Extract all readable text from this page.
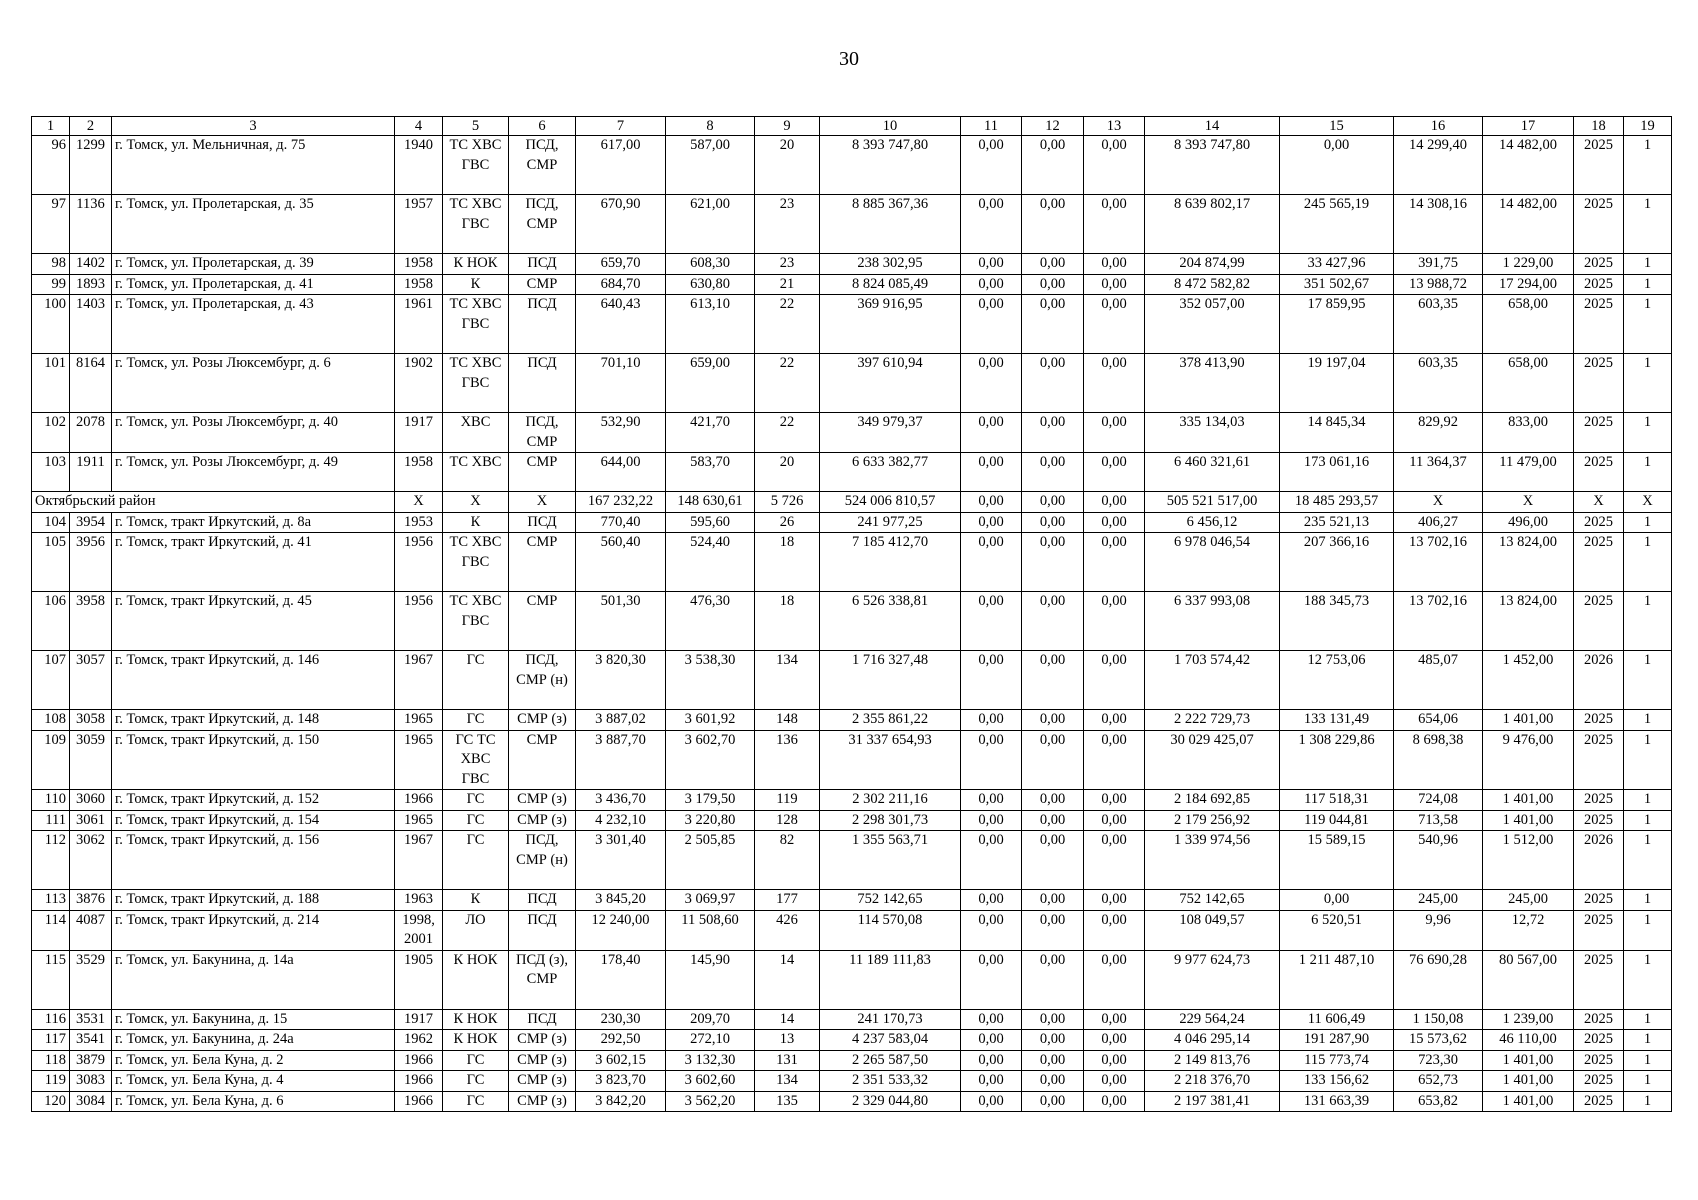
30
1	2	3	4	5	6	7	8	9	10	11	12	13	14	15	16	17	18	19
96	1299	г. Томск, ул. Мельничная, д. 75	1940	ТС ХВС ГВС	ПСД, СМР	617,00	587,00	20	8 393 747,80	0,00	0,00	0,00	8 393 747,80	0,00	14 299,40	14 482,00	2025	1
97	1136	г. Томск, ул. Пролетарская, д. 35	1957	ТС ХВС ГВС	ПСД, СМР	670,90	621,00	23	8 885 367,36	0,00	0,00	0,00	8 639 802,17	245 565,19	14 308,16	14 482,00	2025	1
98	1402	г. Томск, ул. Пролетарская, д. 39	1958	К НОК	ПСД	659,70	608,30	23	238 302,95	0,00	0,00	0,00	204 874,99	33 427,96	391,75	1 229,00	2025	1
99	1893	г. Томск, ул. Пролетарская, д. 41	1958	К	СМР	684,70	630,80	21	8 824 085,49	0,00	0,00	0,00	8 472 582,82	351 502,67	13 988,72	17 294,00	2025	1
100	1403	г. Томск, ул. Пролетарская, д. 43	1961	ТС ХВС ГВС	ПСД	640,43	613,10	22	369 916,95	0,00	0,00	0,00	352 057,00	17 859,95	603,35	658,00	2025	1
101	8164	г. Томск, ул. Розы Люксембург, д. 6	1902	ТС ХВС ГВС	ПСД	701,10	659,00	22	397 610,94	0,00	0,00	0,00	378 413,90	19 197,04	603,35	658,00	2025	1
102	2078	г. Томск, ул. Розы Люксембург, д. 40	1917	ХВС	ПСД, СМР	532,90	421,70	22	349 979,37	0,00	0,00	0,00	335 134,03	14 845,34	829,92	833,00	2025	1
103	1911	г. Томск, ул. Розы Люксембург, д. 49	1958	ТС ХВС	СМР	644,00	583,70	20	6 633 382,77	0,00	0,00	0,00	6 460 321,61	173 061,16	11 364,37	11 479,00	2025	1
Октябрьский район			X	X	X	167 232,22	148 630,61	5 726	524 006 810,57	0,00	0,00	0,00	505 521 517,00	18 485 293,57	X	X	X	X
104	3954	г. Томск, тракт Иркутский, д. 8а	1953	К	ПСД	770,40	595,60	26	241 977,25	0,00	0,00	0,00	6 456,12	235 521,13	406,27	496,00	2025	1
105	3956	г. Томск, тракт Иркутский, д. 41	1956	ТС ХВС ГВС	СМР	560,40	524,40	18	7 185 412,70	0,00	0,00	0,00	6 978 046,54	207 366,16	13 702,16	13 824,00	2025	1
106	3958	г. Томск, тракт Иркутский, д. 45	1956	ТС ХВС ГВС	СМР	501,30	476,30	18	6 526 338,81	0,00	0,00	0,00	6 337 993,08	188 345,73	13 702,16	13 824,00	2025	1
107	3057	г. Томск, тракт Иркутский, д. 146	1967	ГС	ПСД, СМР (н)	3 820,30	3 538,30	134	1 716 327,48	0,00	0,00	0,00	1 703 574,42	12 753,06	485,07	1 452,00	2026	1
108	3058	г. Томск, тракт Иркутский, д. 148	1965	ГС	СМР (з)	3 887,02	3 601,92	148	2 355 861,22	0,00	0,00	0,00	2 222 729,73	133 131,49	654,06	1 401,00	2025	1
109	3059	г. Томск, тракт Иркутский, д. 150	1965	ГС ТС ХВС ГВС	СМР	3 887,70	3 602,70	136	31 337 654,93	0,00	0,00	0,00	30 029 425,07	1 308 229,86	8 698,38	9 476,00	2025	1
110	3060	г. Томск, тракт Иркутский, д. 152	1966	ГС	СМР (з)	3 436,70	3 179,50	119	2 302 211,16	0,00	0,00	0,00	2 184 692,85	117 518,31	724,08	1 401,00	2025	1
111	3061	г. Томск, тракт Иркутский, д. 154	1965	ГС	СМР (з)	4 232,10	3 220,80	128	2 298 301,73	0,00	0,00	0,00	2 179 256,92	119 044,81	713,58	1 401,00	2025	1
112	3062	г. Томск, тракт Иркутский, д. 156	1967	ГС	ПСД, СМР (н)	3 301,40	2 505,85	82	1 355 563,71	0,00	0,00	0,00	1 339 974,56	15 589,15	540,96	1 512,00	2026	1
113	3876	г. Томск, тракт Иркутский, д. 188	1963	К	ПСД	3 845,20	3 069,97	177	752 142,65	0,00	0,00	0,00	752 142,65	0,00	245,00	245,00	2025	1
114	4087	г. Томск, тракт Иркутский, д. 214	1998, 2001	ЛО	ПСД	12 240,00	11 508,60	426	114 570,08	0,00	0,00	0,00	108 049,57	6 520,51	9,96	12,72	2025	1
115	3529	г. Томск, ул. Бакунина, д. 14а	1905	К НОК	ПСД (з), СМР	178,40	145,90	14	11 189 111,83	0,00	0,00	0,00	9 977 624,73	1 211 487,10	76 690,28	80 567,00	2025	1
116	3531	г. Томск, ул. Бакунина, д. 15	1917	К НОК	ПСД	230,30	209,70	14	241 170,73	0,00	0,00	0,00	229 564,24	11 606,49	1 150,08	1 239,00	2025	1
117	3541	г. Томск, ул. Бакунина, д. 24а	1962	К НОК	СМР (з)	292,50	272,10	13	4 237 583,04	0,00	0,00	0,00	4 046 295,14	191 287,90	15 573,62	46 110,00	2025	1
118	3879	г. Томск, ул. Бела Куна, д. 2	1966	ГС	СМР (з)	3 602,15	3 132,30	131	2 265 587,50	0,00	0,00	0,00	2 149 813,76	115 773,74	723,30	1 401,00	2025	1
119	3083	г. Томск, ул. Бела Куна, д. 4	1966	ГС	СМР (з)	3 823,70	3 602,60	134	2 351 533,32	0,00	0,00	0,00	2 218 376,70	133 156,62	652,73	1 401,00	2025	1
120	3084	г. Томск, ул. Бела Куна, д. 6	1966	ГС	СМР (з)	3 842,20	3 562,20	135	2 329 044,80	0,00	0,00	0,00	2 197 381,41	131 663,39	653,82	1 401,00	2025	1
